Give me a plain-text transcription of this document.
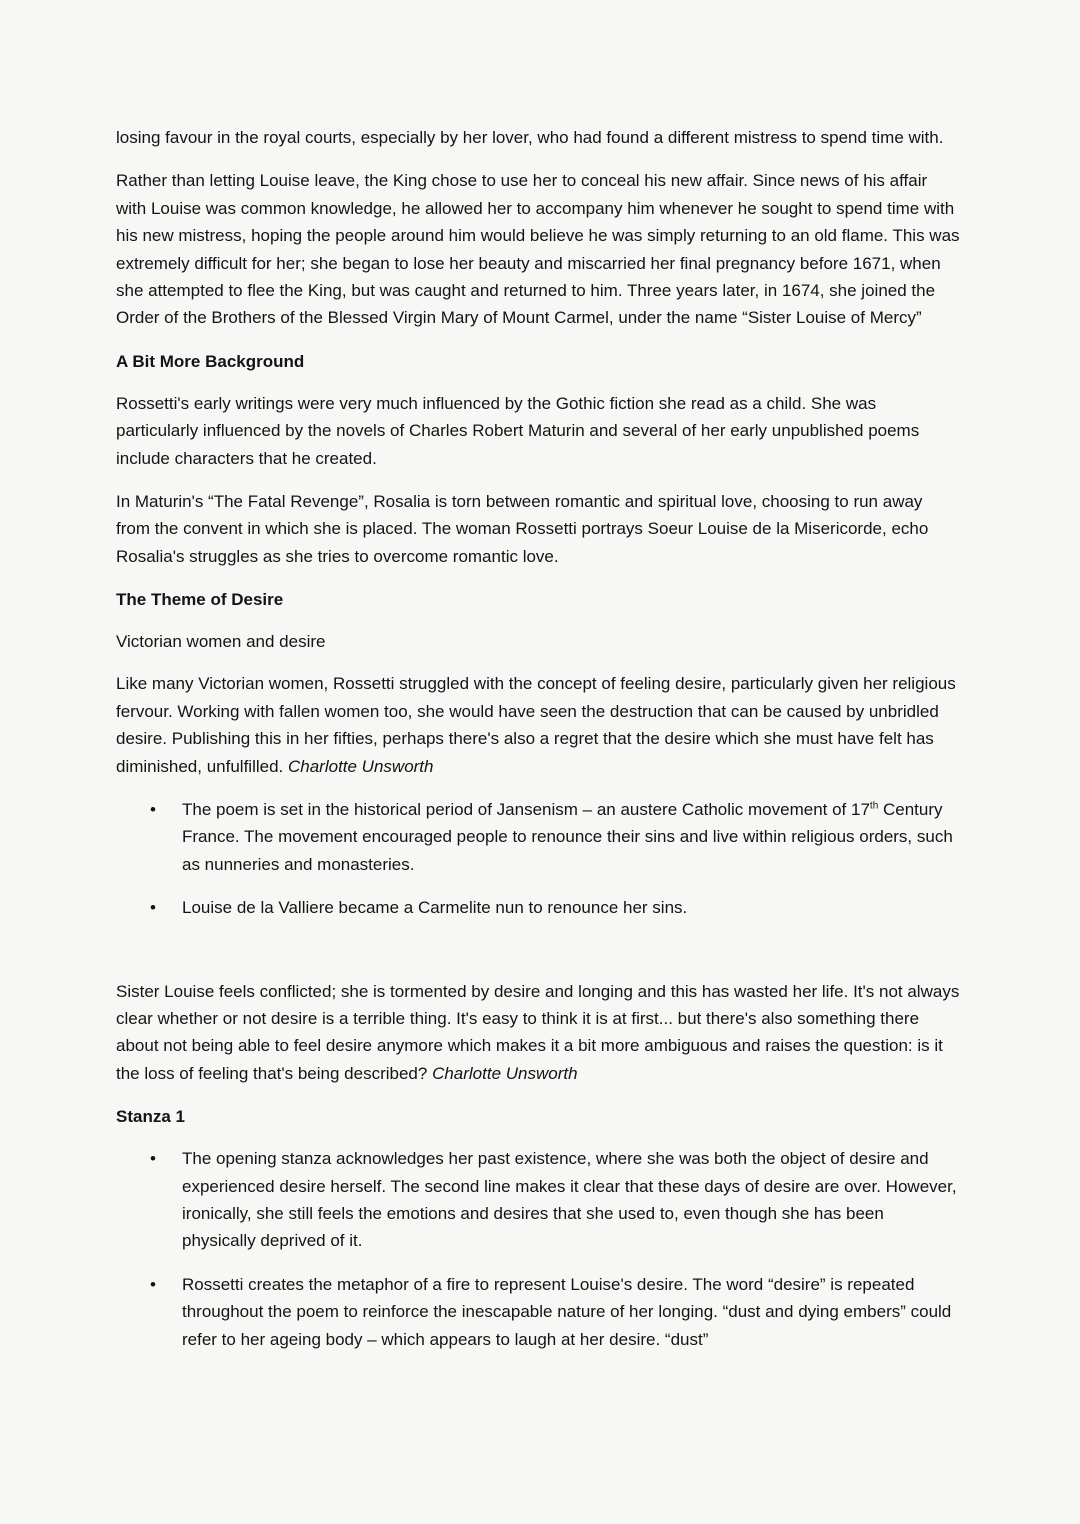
losing favour in the royal courts, especially by her lover, who had found a different mistress to spend time with.

Rather than letting Louise leave, the King chose to use her to conceal his new affair. Since news of his affair with Louise was common knowledge, he allowed her to accompany him whenever he sought to spend time with his new mistress, hoping the people around him would believe he was simply returning to an old flame. This was extremely difficult for her; she began to lose her beauty and miscarried her final pregnancy before 1671, when she attempted to flee the King, but was caught and returned to him. Three years later, in 1674, she joined the Order of the Brothers of the Blessed Virgin Mary of Mount Carmel, under the name “Sister Louise of Mercy”

A Bit More Background

Rossetti's early writings were very much influenced by the Gothic fiction she read as a child. She was particularly influenced by the novels of Charles Robert Maturin and several of her early unpublished poems include characters that he created.

In Maturin's “The Fatal Revenge”, Rosalia is torn between romantic and spiritual love, choosing to run away from the convent in which she is placed. The woman Rossetti portrays Soeur Louise de la Misericorde, echo Rosalia's struggles as she tries to overcome romantic love.

The Theme of Desire

Victorian women and desire

Like many Victorian women, Rossetti struggled with the concept of feeling desire, particularly given her religious fervour. Working with fallen women too, she would have seen the destruction that can be caused by unbridled desire. Publishing this in her fifties, perhaps there's also a regret that the desire which she must have felt has diminished, unfulfilled. Charlotte Unsworth

• The poem is set in the historical period of Jansenism – an austere Catholic movement of 17th Century France. The movement encouraged people to renounce their sins and live within religious orders, such as nunneries and monasteries.
• Louise de la Valliere became a Carmelite nun to renounce her sins.

Sister Louise feels conflicted; she is tormented by desire and longing and this has wasted her life. It's not always clear whether or not desire is a terrible thing. It's easy to think it is at first... but there's also something there about not being able to feel desire anymore which makes it a bit more ambiguous and raises the question: is it the loss of feeling that's being described? Charlotte Unsworth

Stanza 1

• The opening stanza acknowledges her past existence, where she was both the object of desire and experienced desire herself. The second line makes it clear that these days of desire are over. However, ironically, she still feels the emotions and desires that she used to, even though she has been physically deprived of it.
• Rossetti creates the metaphor of a fire to represent Louise's desire. The word “desire” is repeated throughout the poem to reinforce the inescapable nature of her longing. “dust and dying embers” could refer to her ageing body – which appears to laugh at her desire. “dust”
